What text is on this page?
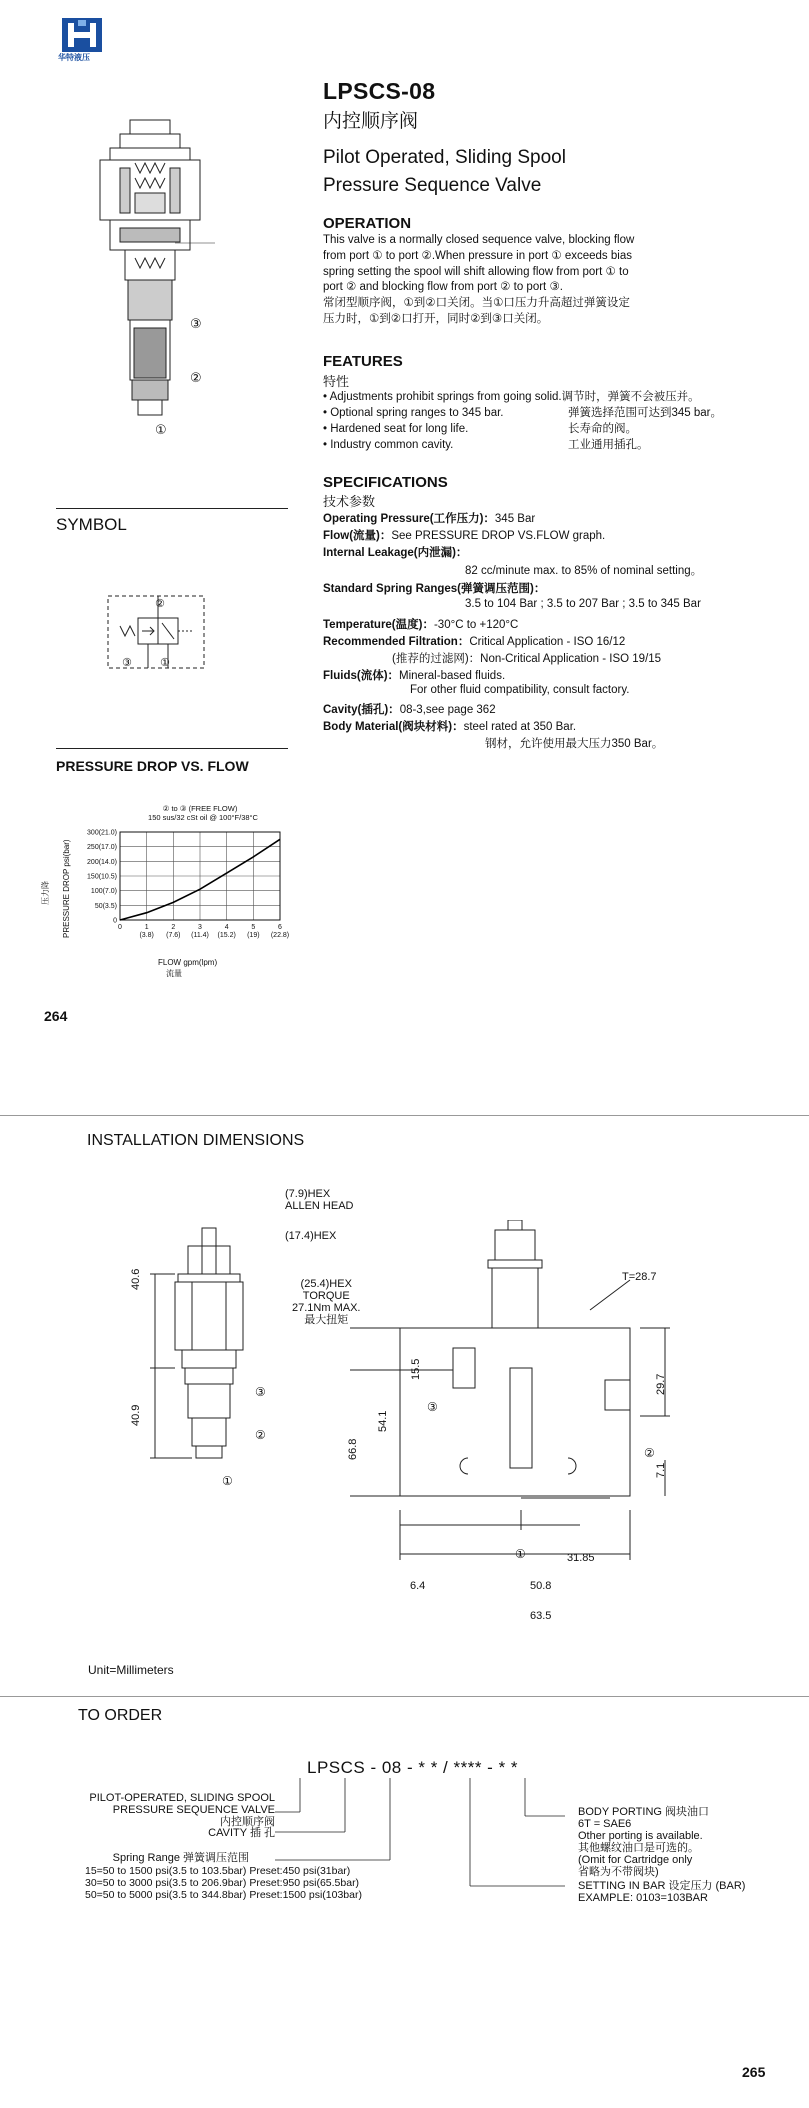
华特液压
③
②
①
LPSCS-08
内控顺序阀
Pilot Operated, Sliding Spool
Pressure Sequence Valve
OPERATION
This valve is a normally closed sequence valve, blocking flow
from port ① to port ②.When pressure in port ① exceeds bias
spring setting the spool will shift allowing flow from port ① to
port ② and blocking flow from port ② to port ③.
常闭型顺序阀，①到②口关闭。当①口压力升高超过弹簧设定
压力时，①到②口打开，同时②到③口关闭。
FEATURES
特性
• Adjustments prohibit springs from going solid.调节时，弹簧不会被压并。
• Optional spring ranges to 345 bar.	弹簧选择范围可达到345 bar。
• Hardened seat for long life.	长寿命的阀。
• Industry common cavity.	工业通用插孔。
SPECIFICATIONS
技术参数
Operating Pressure(工作压力)：345 Bar
Flow(流量)：See PRESSURE DROP VS.FLOW graph.
Internal Leakage(内泄漏)：
82 cc/minute max. to 85% of nominal setting。
Standard Spring Ranges(弹簧调压范围)：
3.5 to 104 Bar ; 3.5 to 207 Bar ; 3.5 to 345 Bar
Temperature(温度)：-30°C to +120°C
Recommended Filtration：Critical Application - ISO 16/12
(推荐的过滤网)：Non-Critical Application - ISO 19/15
Fluids(流体)：Mineral-based fluids.
For other fluid compatibility, consult factory.
Cavity(插孔)：08-3,see page 362
Body Material(阀块材料)：steel rated at 350 Bar.
钢材，允许使用最大压力350 Bar。
SYMBOL
②
③	①
PRESSURE DROP VS. FLOW
② to ③ (FREE FLOW)
150 sus/32 cSt oil @ 100°F/38°C
压力降 PRESSURE DROP psi(bar)	0	1
(3.8)
2
(7.6)
3
(11.4)
4
(15.2)
5
(19)
6
(22.8)
0
50(3.5)
100(7.0)
150(10.5)
200(14.0)
250(17.0)
300(21.0)
FLOW gpm(lpm)
流量
264
INSTALLATION DIMENSIONS
40.6
40.9
(7.9)HEX
ALLEN HEAD
(17.4)HEX
(25.4)HEX
TORQUE
27.1Nm MAX.
最大扭矩
③
②
①
T=28.7
66.8
54.1
15.5
29.7
7.1
③
②
①	31.85
6.4	50.8
63.5
Unit=Millimeters
TO ORDER
LPSCS - 08 - * * / **** - * *
PILOT-OPERATED, SLIDING SPOOL
PRESSURE SEQUENCE VALVE
内控顺序阀
CAVITY 插 孔
Spring Range 弹簧调压范围
15=50 to 1500 psi(3.5 to 103.5bar) Preset:450 psi(31bar)
30=50 to 3000 psi(3.5 to 206.9bar) Preset:950 psi(65.5bar)
50=50 to 5000 psi(3.5 to 344.8bar) Preset:1500 psi(103bar)
BODY PORTING 阀块油口
6T = SAE6
Other porting is available.
其他螺纹油口是可选的。
(Omit for Cartridge only
省略为不带阀块)
SETTING IN BAR 设定压力 (BAR)
EXAMPLE: 0103=103BAR
265
